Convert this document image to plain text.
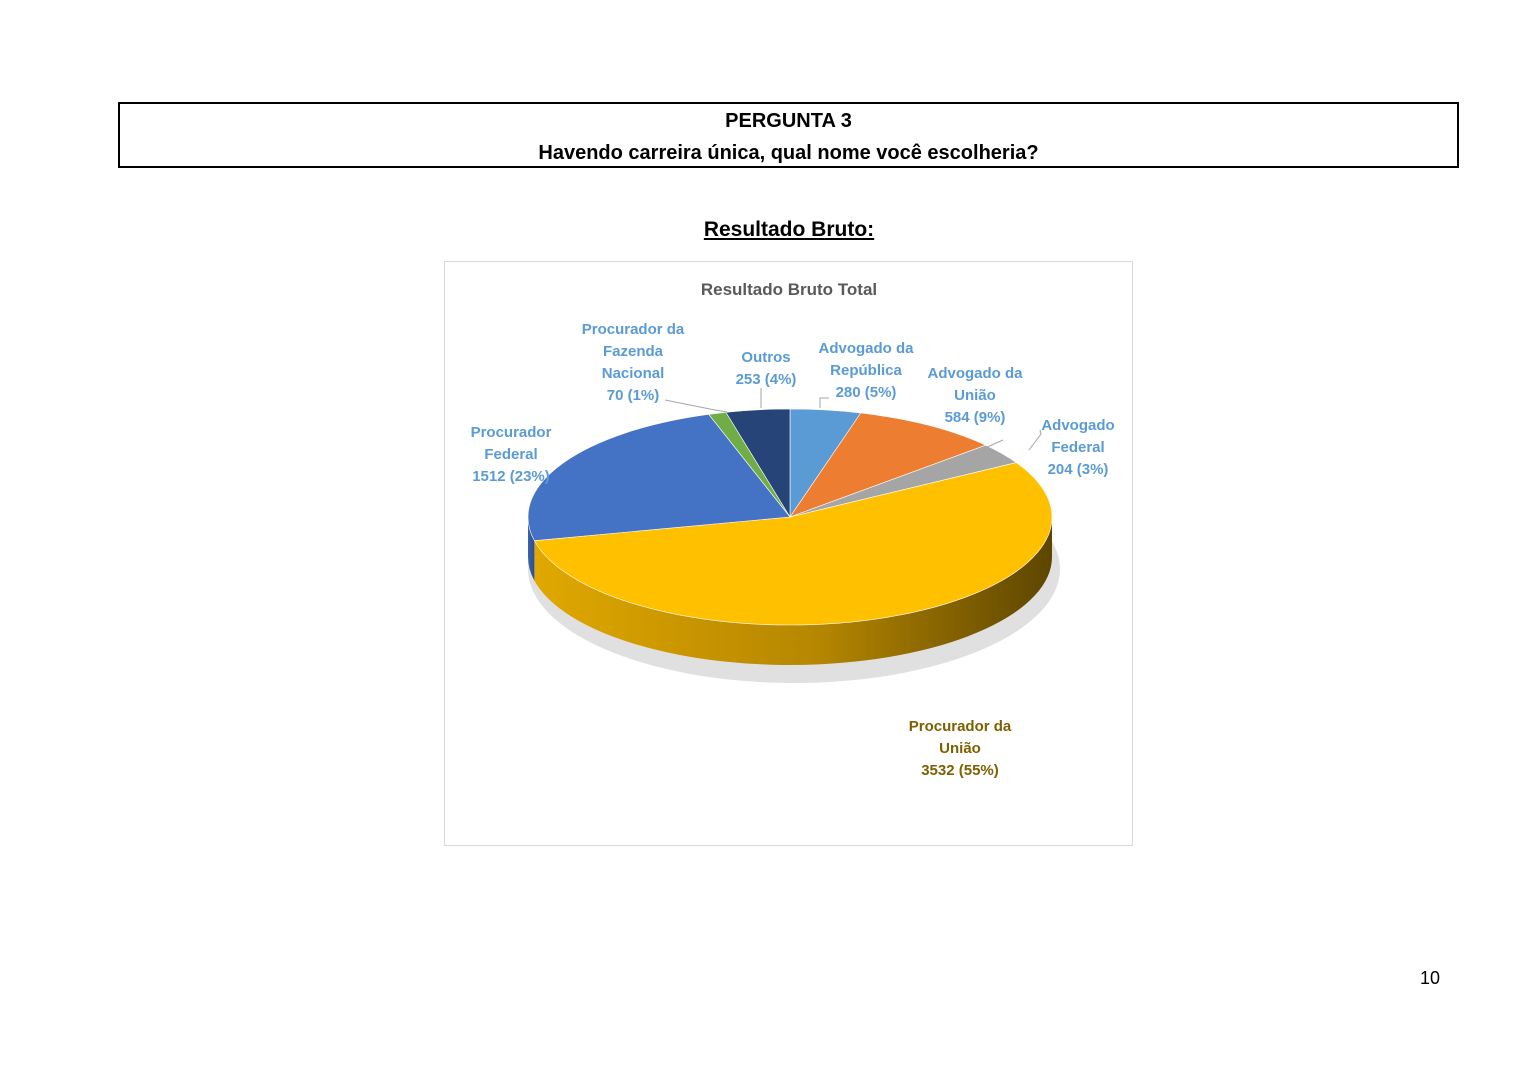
PERGUNTA 3
Havendo carreira única, qual nome você escolheria?
Resultado Bruto:
Resultado Bruto Total
Advogado da República 280 (5%)
Advogado da União 584 (9%)	Advogado Federal 204 (3%)
Procurador da União 3532 (55%)
Procurador Federal 1512 (23%)
Procurador da Fazenda Nacional 70 (1%)
Outros 253 (4%)
10
